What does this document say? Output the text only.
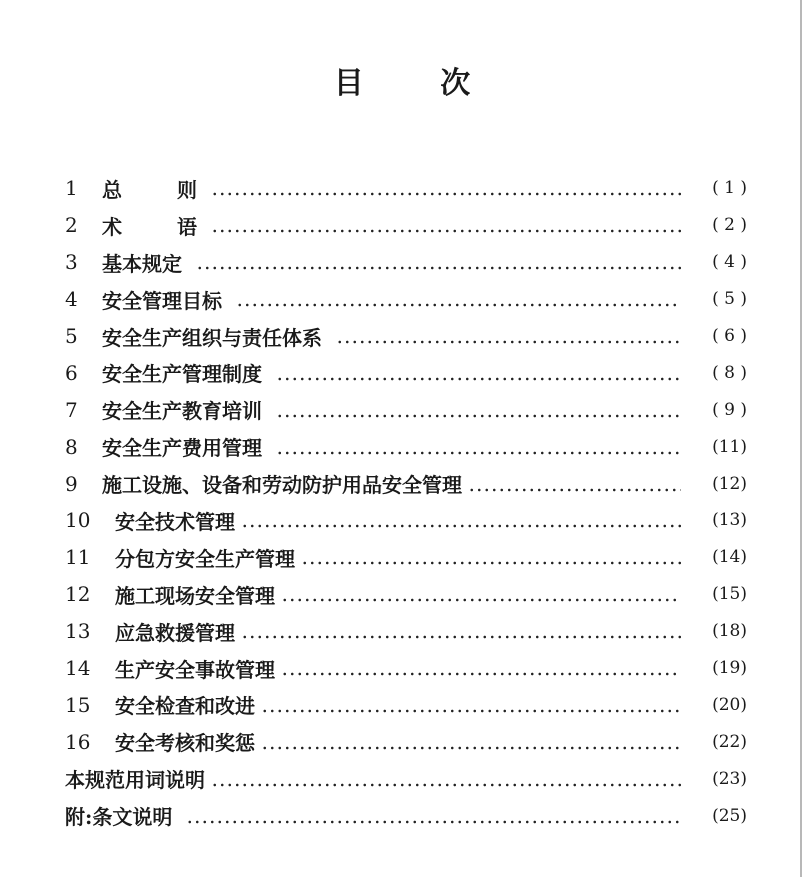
目 次
1	总 则	( 1 )
2	术 语	( 2 )
3	基本规定	( 4 )
4	安全管理目标	( 5 )
5	安全生产组织与责任体系	( 6 )
6	安全生产管理制度	( 8 )
7	安全生产教育培训	( 9 )
8	安全生产费用管理	(11)
9	施工设施、设备和劳动防护用品安全管理	(12)
10	安全技术管理	(13)
11	分包方安全生产管理	(14)
12	施工现场安全管理	(15)
13	应急救援管理	(18)
14	生产安全事故管理	(19)
15	安全检查和改进	(20)
16	安全考核和奖惩	(22)
本规范用词说明	(23)
附:条文说明	(25)
